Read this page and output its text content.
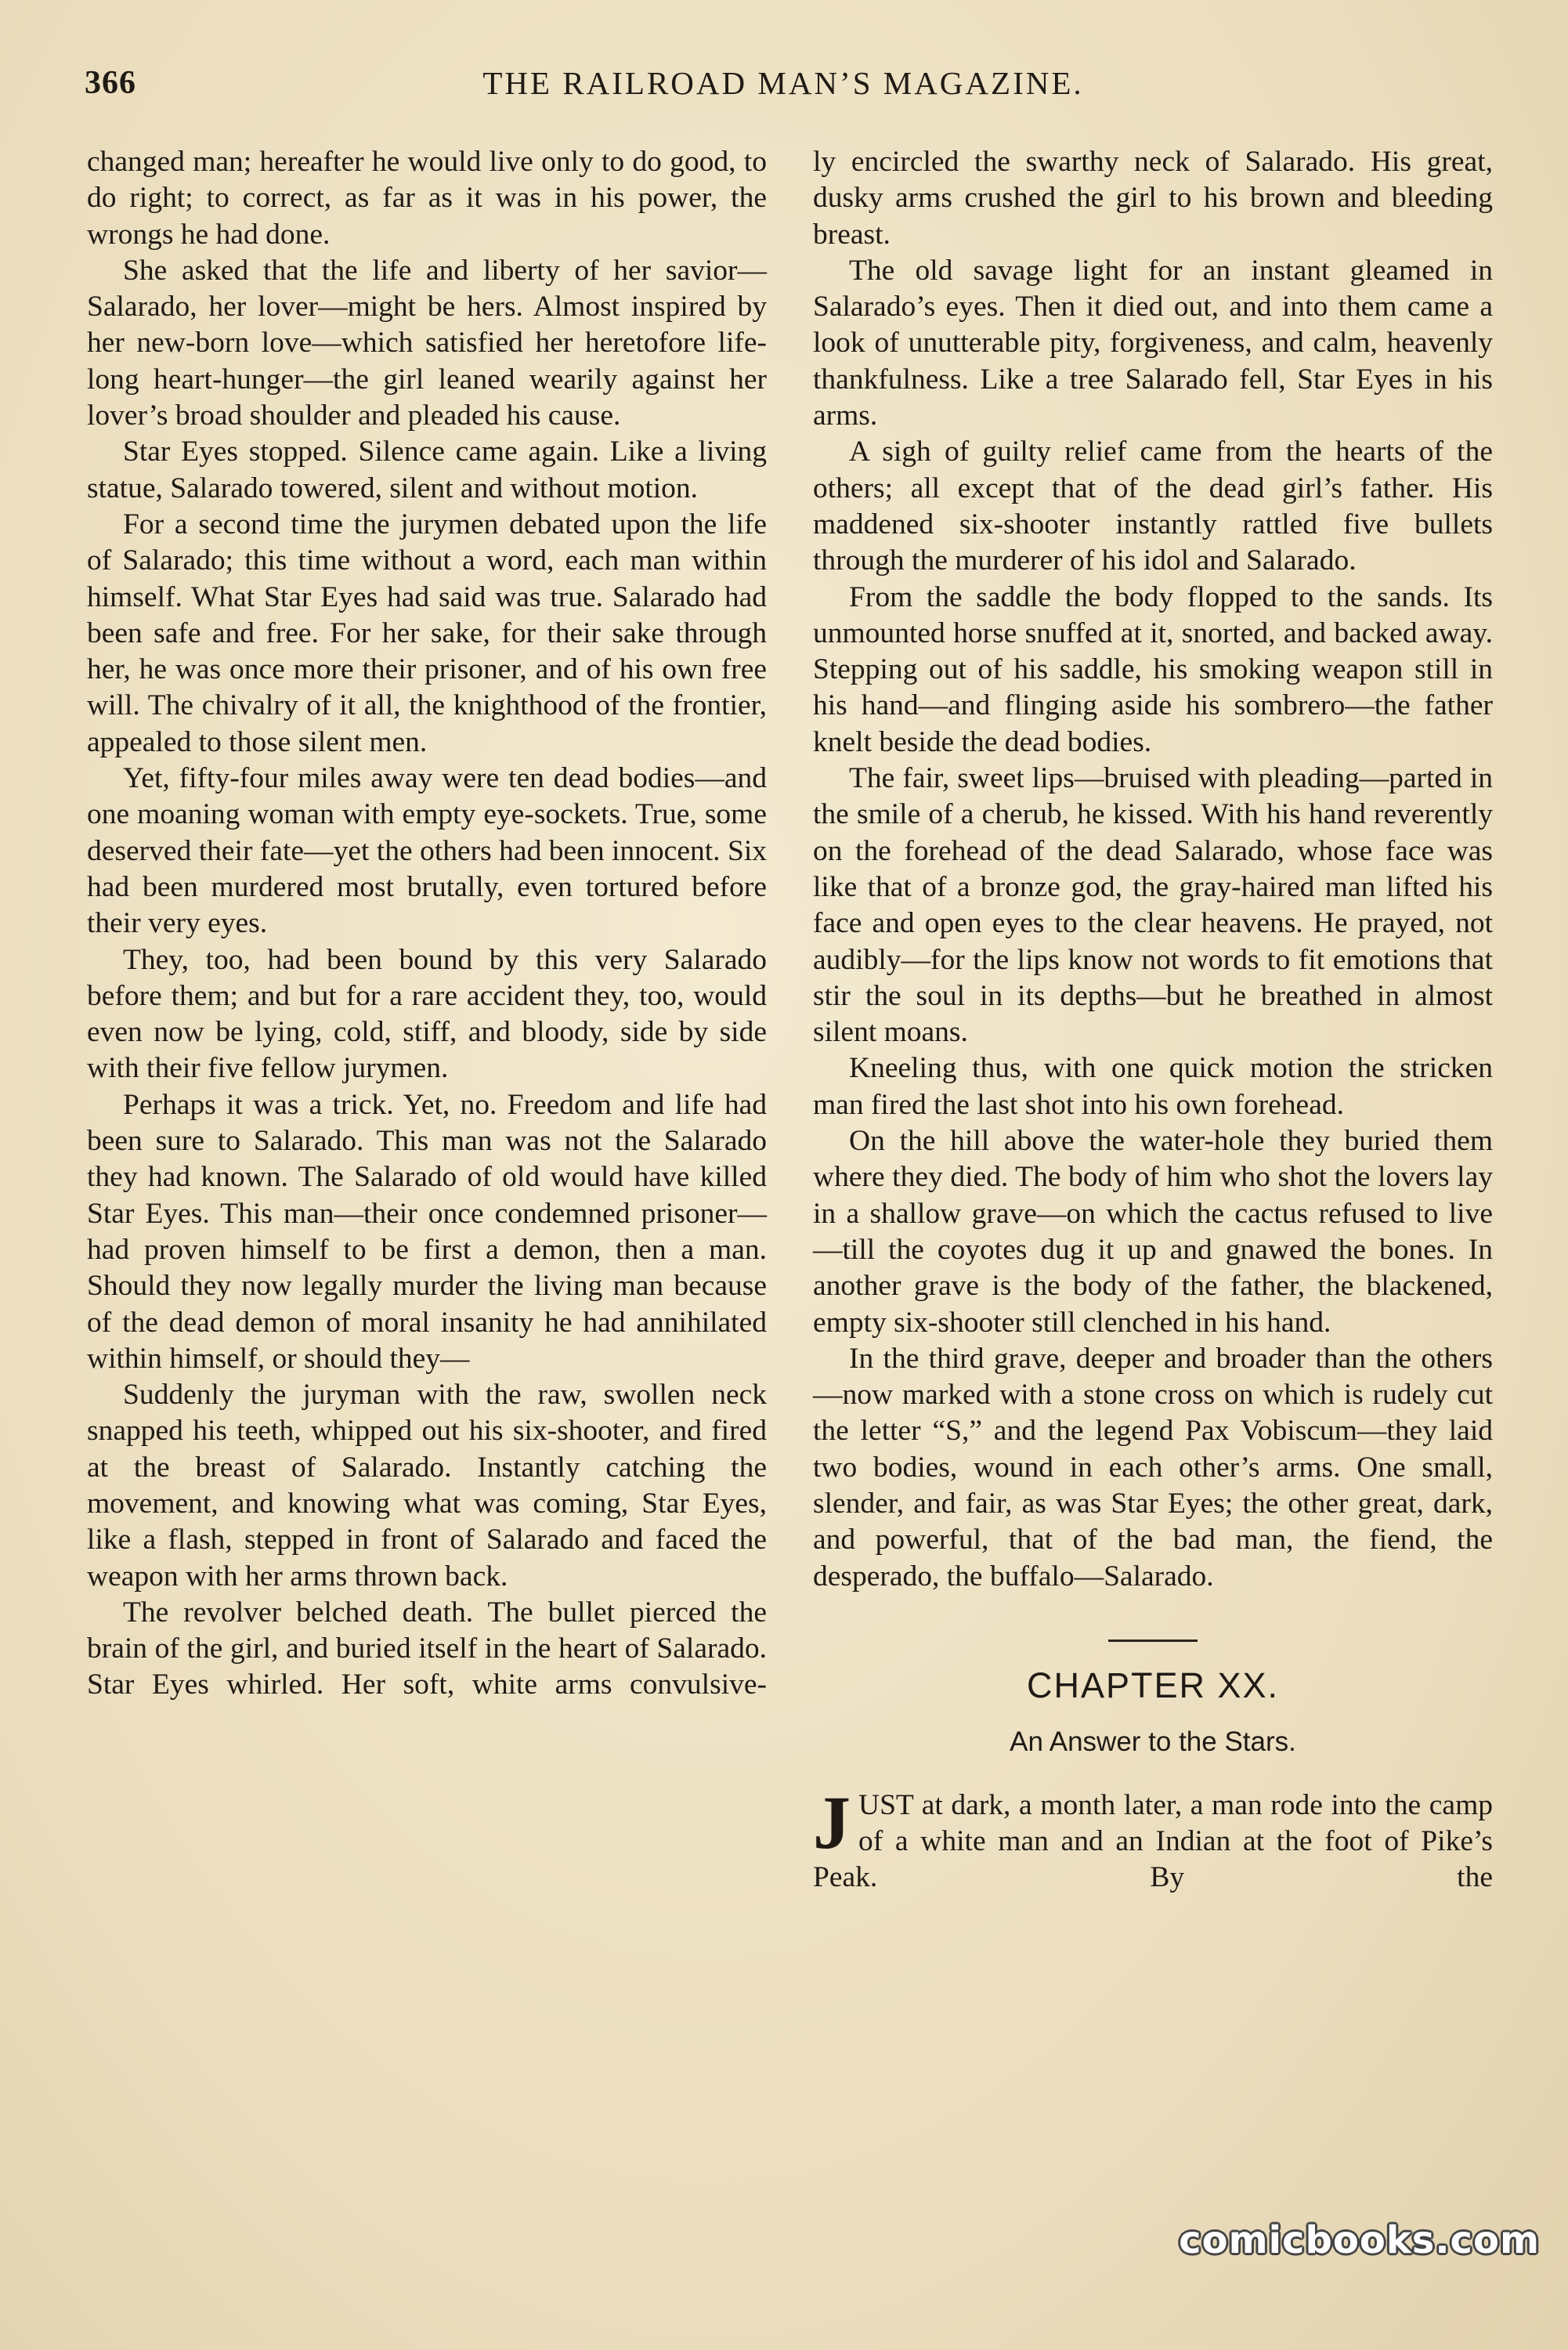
366	THE RAILROAD MAN’S MAGAZINE.

changed man; hereafter he would live only to do good, to do right; to correct, as far as it was in his power, the wrongs he had done.

She asked that the life and liberty of her savior—Salarado, her lover—might be hers. Almost inspired by her new-born love—which satisfied her heretofore life-long heart-hunger—the girl leaned wearily against her lover’s broad shoulder and pleaded his cause.

Star Eyes stopped. Silence came again. Like a living statue, Salarado towered, silent and without motion.

For a second time the jurymen debated upon the life of Salarado; this time without a word, each man within himself. What Star Eyes had said was true. Salarado had been safe and free. For her sake, for their sake through her, he was once more their prisoner, and of his own free will. The chivalry of it all, the knighthood of the frontier, appealed to those silent men.

Yet, fifty-four miles away were ten dead bodies—and one moaning woman with empty eye-sockets. True, some deserved their fate—yet the others had been innocent. Six had been murdered most brutally, even tortured before their very eyes.

They, too, had been bound by this very Salarado before them; and but for a rare accident they, too, would even now be lying, cold, stiff, and bloody, side by side with their five fellow jurymen.

Perhaps it was a trick. Yet, no. Freedom and life had been sure to Salarado. This man was not the Salarado they had known. The Salarado of old would have killed Star Eyes. This man—their once condemned prisoner—had proven himself to be first a demon, then a man. Should they now legally murder the living man because of the dead demon of moral insanity he had annihilated within himself, or should they—

Suddenly the juryman with the raw, swollen neck snapped his teeth, whipped out his six-shooter, and fired at the breast of Salarado. Instantly catching the movement, and knowing what was coming, Star Eyes, like a flash, stepped in front of Salarado and faced the weapon with her arms thrown back.

The revolver belched death. The bullet pierced the brain of the girl, and buried itself in the heart of Salarado. Star Eyes whirled. Her soft, white arms convulsive-

ly encircled the swarthy neck of Salarado. His great, dusky arms crushed the girl to his brown and bleeding breast.

The old savage light for an instant gleamed in Salarado’s eyes. Then it died out, and into them came a look of unutterable pity, forgiveness, and calm, heavenly thankfulness. Like a tree Salarado fell, Star Eyes in his arms.

A sigh of guilty relief came from the hearts of the others; all except that of the dead girl’s father. His maddened six-shooter instantly rattled five bullets through the murderer of his idol and Salarado.

From the saddle the body flopped to the sands. Its unmounted horse snuffed at it, snorted, and backed away. Stepping out of his saddle, his smoking weapon still in his hand—and flinging aside his sombrero—the father knelt beside the dead bodies.

The fair, sweet lips—bruised with pleading—parted in the smile of a cherub, he kissed. With his hand reverently on the forehead of the dead Salarado, whose face was like that of a bronze god, the gray-haired man lifted his face and open eyes to the clear heavens. He prayed, not audibly—for the lips know not words to fit emotions that stir the soul in its depths—but he breathed in almost silent moans.

Kneeling thus, with one quick motion the stricken man fired the last shot into his own forehead.

On the hill above the water-hole they buried them where they died. The body of him who shot the lovers lay in a shallow grave—on which the cactus refused to live—till the coyotes dug it up and gnawed the bones. In another grave is the body of the father, the blackened, empty six-shooter still clenched in his hand.

In the third grave, deeper and broader than the others—now marked with a stone cross on which is rudely cut the letter “S,” and the legend Pax Vobiscum—they laid two bodies, wound in each other’s arms. One small, slender, and fair, as was Star Eyes; the other great, dark, and powerful, that of the bad man, the fiend, the desperado, the buffalo—Salarado.

CHAPTER XX.
An Answer to the Stars.

JUST at dark, a month later, a man rode into the camp of a white man and an Indian at the foot of Pike’s Peak. By the

comicbooks.com
